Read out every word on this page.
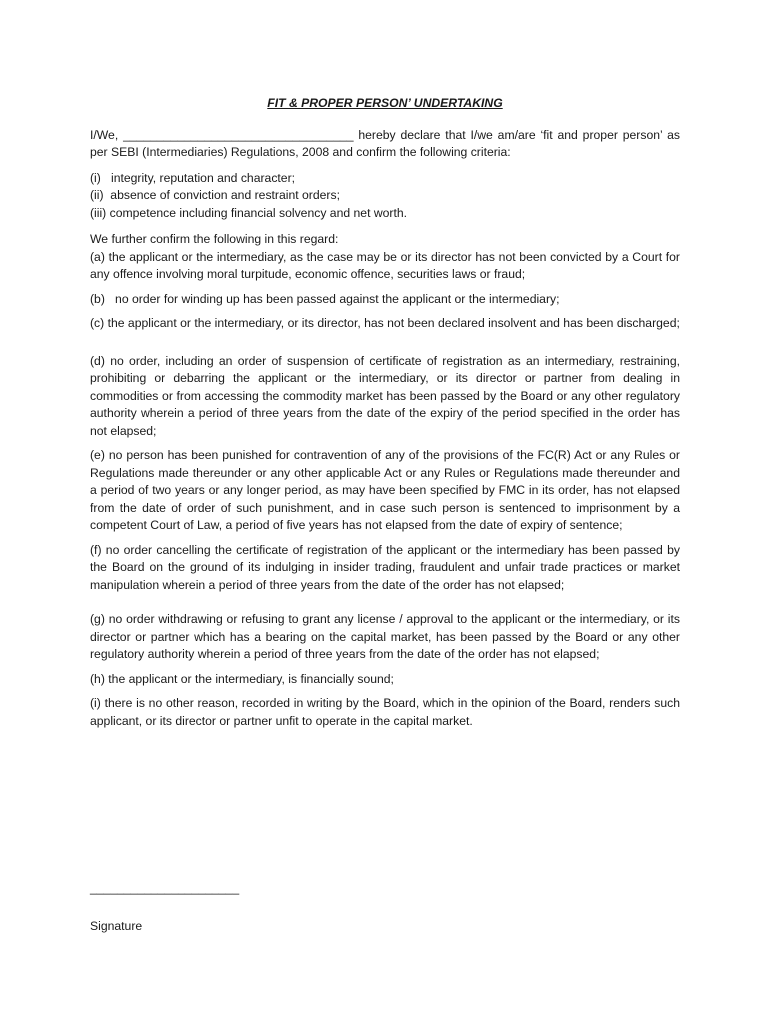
FIT & PROPER PERSON’ UNDERTAKING

I/We, __________________________________ hereby declare that I/we am/are ‘fit and proper person’ as per SEBI (Intermediaries) Regulations, 2008 and confirm the following criteria:

(i)   integrity, reputation and character;
(ii)  absence of conviction and restraint orders;
(iii) competence including financial solvency and net worth.
We further confirm the following in this regard:

(a) the applicant or the intermediary, as the case may be or its director has not been convicted by a Court for any offence involving moral turpitude, economic offence, securities laws or fraud;

(b)   no order for winding up has been passed against the applicant or the intermediary;

(c) the applicant or the intermediary, or its director, has not been declared insolvent and has been discharged;

(d) no order, including an order of suspension of certificate of registration as an intermediary, restraining, prohibiting or debarring the applicant or the intermediary, or its director or partner from dealing in commodities or from accessing the commodity market has been passed by the Board or any other regulatory authority wherein a period of three years from the date of the expiry of the period specified in the order has not elapsed;

(e) no person has been punished for contravention of any of the provisions of the FC(R) Act or any Rules or Regulations made thereunder or any other applicable Act or any Rules or Regulations made thereunder and a period of two years or any longer period, as may have been specified by FMC in its order, has not elapsed from the date of order of such punishment, and in case such person is sentenced to imprisonment by a competent Court of Law, a period of five years has not elapsed from the date of expiry of sentence;

(f) no order cancelling the certificate of registration of the applicant or the intermediary has been passed by the Board on the ground of its indulging in insider trading, fraudulent and unfair trade practices or market manipulation wherein a period of three years from the date of the order has not elapsed;

(g) no order withdrawing or refusing to grant any license / approval to the applicant or the intermediary, or its director or partner which has a bearing on the capital market, has been passed by the Board or any other regulatory authority wherein a period of three years from the date of the order has not elapsed;

(h) the applicant or the intermediary, is financially sound;

(i) there is no other reason, recorded in writing by the Board, which in the opinion of the Board, renders such applicant, or its director or partner unfit to operate in the capital market.

______________________
Signature
